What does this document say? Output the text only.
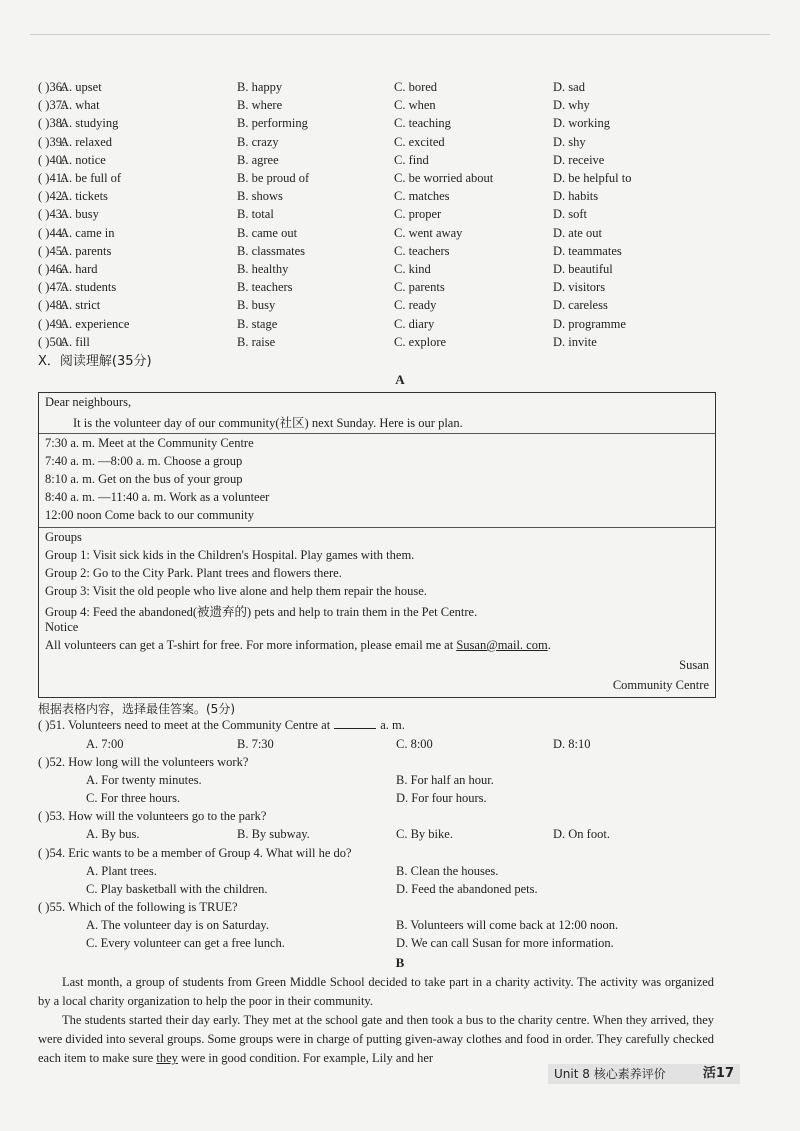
( )36.
A. upset	B. happy	C. bored	D. sad
( )37.
A. what	B. where	C. when	D. why
( )38.
A. studying	B. performing	C. teaching	D. working
( )39.
A. relaxed	B. crazy	C. excited	D. shy
( )40.
A. notice	B. agree	C. find	D. receive
( )41.
A. be full of	B. be proud of	C. be worried about	D. be helpful to
( )42.
A. tickets	B. shows	C. matches	D. habits
( )43.
A. busy	B. total	C. proper	D. soft
( )44.
A. came in	B. came out	C. went away	D. ate out
( )45.
A. parents	B. classmates	C. teachers	D. teammates
( )46.
A. hard	B. healthy	C. kind	D. beautiful
( )47.
A. students	B. teachers	C. parents	D. visitors
( )48.
A. strict	B. busy	C. ready	D. careless
( )49.
A. experience	B. stage	C. diary	D. programme
( )50.
A. fill	B. raise	C. explore	D. invite
X．阅读理解(35分)
A
Dear neighbours,
It is the volunteer day of our community(社区) next Sunday. Here is our plan.
7:30 a. m. Meet at the Community Centre
7:40 a. m. —8:00 a. m. Choose a group
8:10 a. m. Get on the bus of your group
8:40 a. m. —11:40 a. m. Work as a volunteer
12:00 noon Come back to our community
Groups
Group 1: Visit sick kids in the Children's Hospital. Play games with them.
Group 2: Go to the City Park. Plant trees and flowers there.
Group 3: Visit the old people who live alone and help them repair the house.
Group 4: Feed the abandoned(被遗弃的) pets and help to train them in the Pet Centre.
Notice
All volunteers can get a T-shirt for free. For more information, please email me at Susan@mail. com.
Susan
Community Centre
根据表格内容，选择最佳答案。(5分)
( )51. Volunteers need to meet at the Community Centre at	a. m.
A. 7:00	B. 7:30	C. 8:00	D. 8:10
( )52. How long will the volunteers work?
A. For twenty minutes.	B. For half an hour.
C. For three hours.	D. For four hours.
( )53. How will the volunteers go to the park?
A. By bus.	B. By subway.	C. By bike.	D. On foot.
( )54. Eric wants to be a member of Group 4. What will he do?
A. Plant trees.	B. Clean the houses.
C. Play basketball with the children.	D. Feed the abandoned pets.
( )55. Which of the following is TRUE?
A. The volunteer day is on Saturday.	B. Volunteers will come back at 12:00 noon.
C. Every volunteer can get a free lunch.	D. We can call Susan for more information.
B

Last month, a group of students from Green Middle School decided to take part in a charity activity. The activity was organized by a local charity organization to help the poor in their community.

The students started their day early. They met at the school gate and then took a bus to the charity centre. When they arrived, they were divided into several groups. Some groups were in charge of putting given-away clothes and food in order. They carefully checked each item to make sure they were in good condition. For example, Lily and her

Unit 8 核心素养评价	活17
